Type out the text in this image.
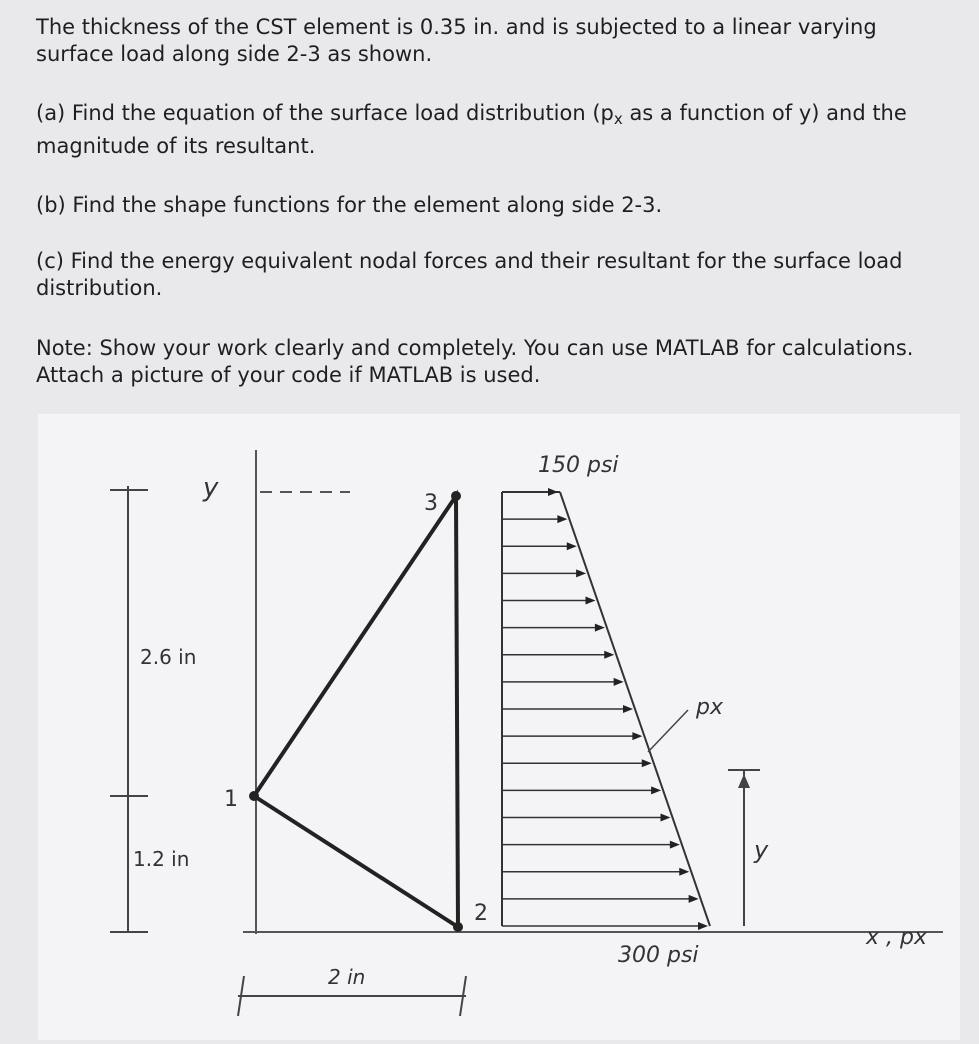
The thickness of the CST element is 0.35 in. and is subjected to a linear varying surface load along side 2-3 as shown.
(a) Find the equation of the surface load distribution ($p_x$ as a function of y) and the magnitude of its resultant.
(b) Find the shape functions for the element along side 2-3.
(c) Find the energy equivalent nodal forces and their resultant for the surface load distribution.
Note: Show your work clearly and completely. You can use MATLAB for calculations. Attach a picture of your code if MATLAB is used.
y
2.6 in
1.2 in
1
2
3
150 psi
300 psi
px
y
x , px
2 in
